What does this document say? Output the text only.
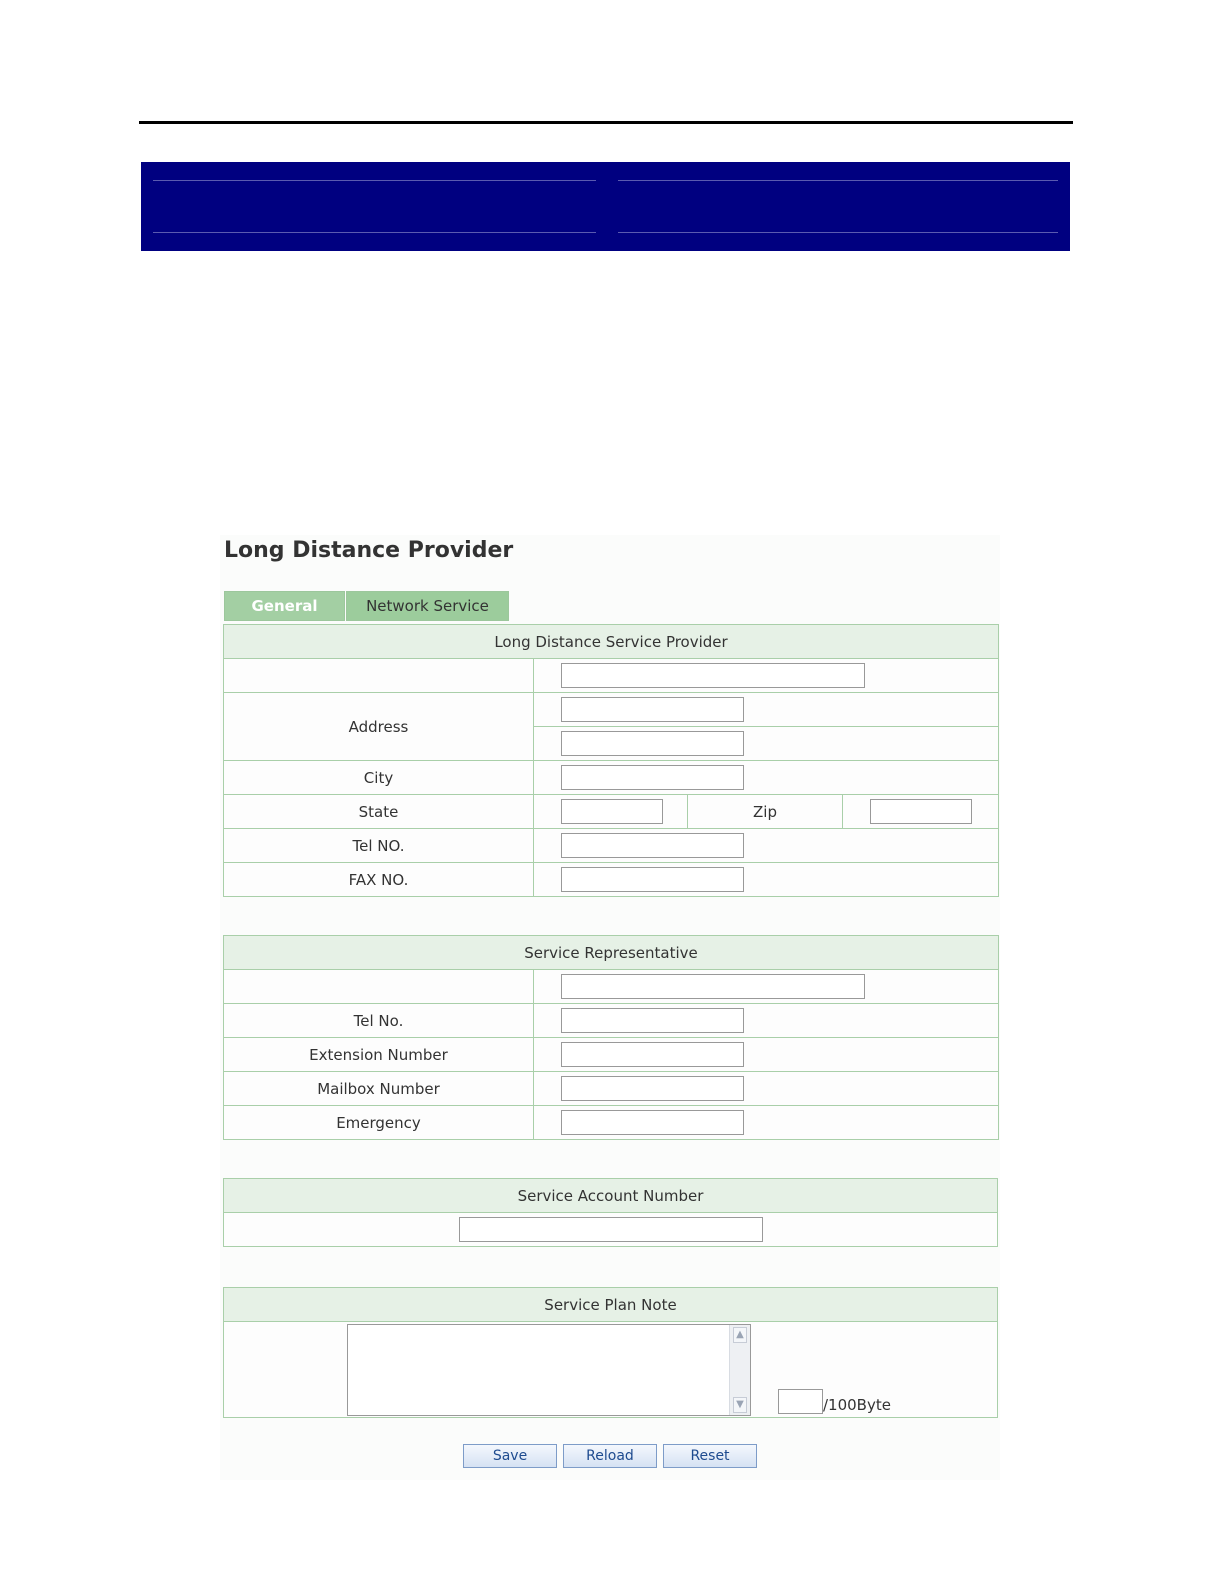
Long Distance Provider
General	Network Service
Long Distance Service Provider			

Address	

City	

State		Zip	

Tel NO.	

FAX NO.	
Service Representative	

Tel No.	

Extension Number	

Mailbox Number	

Emergency	
Service Account Number

Service Plan Note

▲
▼	/100Byte
Save	Reload	Reset
